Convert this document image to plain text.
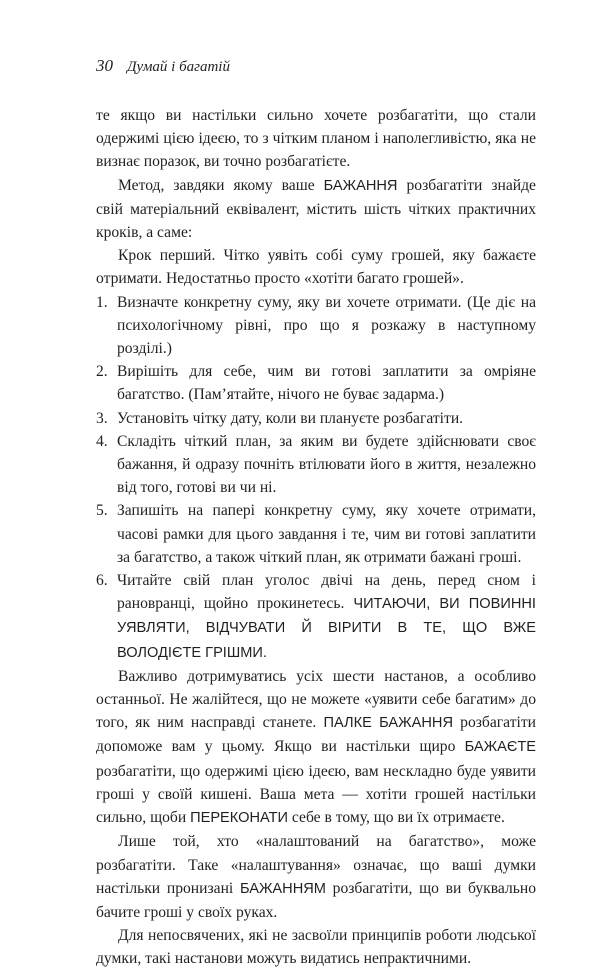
30 Думай і багатій

те якщо ви настільки сильно хочете розбагатіти, що стали одержимі цією ідеєю, то з чітким планом і наполегливістю, яка не визнає поразок, ви точно розбагатієте.

Метод, завдяки якому ваше БАЖАННЯ розбагатіти знайде свій матеріальний еквівалент, містить шість чітких практичних кроків, а саме:

Крок перший. Чітко уявіть собі суму грошей, яку бажаєте отримати. Недостатньо просто «хотіти багато грошей».

1. Визначте конкретну суму, яку ви хочете отримати. (Це діє на психологічному рівні, про що я розкажу в наступному розділі.)
2. Вирішіть для себе, чим ви готові заплатити за омріяне багатство. (Пам’ятайте, нічого не буває задарма.)
3. Установіть чітку дату, коли ви плануєте розбагатіти.
4. Складіть чіткий план, за яким ви будете здійснювати своє бажання, й одразу почніть втілювати його в життя, незалежно від того, готові ви чи ні.
5. Запишіть на папері конкретну суму, яку хочете отримати, часові рамки для цього завдання і те, чим ви готові заплатити за багатство, а також чіткий план, як отримати бажані гроші.
6. Читайте свій план уголос двічі на день, перед сном і рановранці, щойно прокинетесь. ЧИТАЮЧИ, ВИ ПОВИННІ УЯВЛЯТИ, ВІДЧУВАТИ Й ВІРИТИ В ТЕ, ЩО ВЖЕ ВОЛОДІЄТЕ ГРІШМИ.

Важливо дотримуватись усіх шести настанов, а особливо останньої. Не жалійтеся, що не можете «уявити себе багатим» до того, як ним насправді станете. ПАЛКЕ БАЖАННЯ розбагатіти допоможе вам у цьому. Якщо ви настільки щиро БАЖАЄТЕ розбагатіти, що одержимі цією ідеєю, вам нескладно буде уявити гроші у своїй кишені. Ваша мета — хотіти грошей настільки сильно, щоби ПЕРЕКОНАТИ себе в тому, що ви їх отримаєте.

Лише той, хто «налаштований на багатство», може розбагатіти. Таке «налаштування» означає, що ваші думки настільки пронизані БАЖАННЯМ розбагатіти, що ви буквально бачите гроші у своїх руках.

Для непосвячених, які не засвоїли принципів роботи людської думки, такі настанови можуть видатись непрактичними.
